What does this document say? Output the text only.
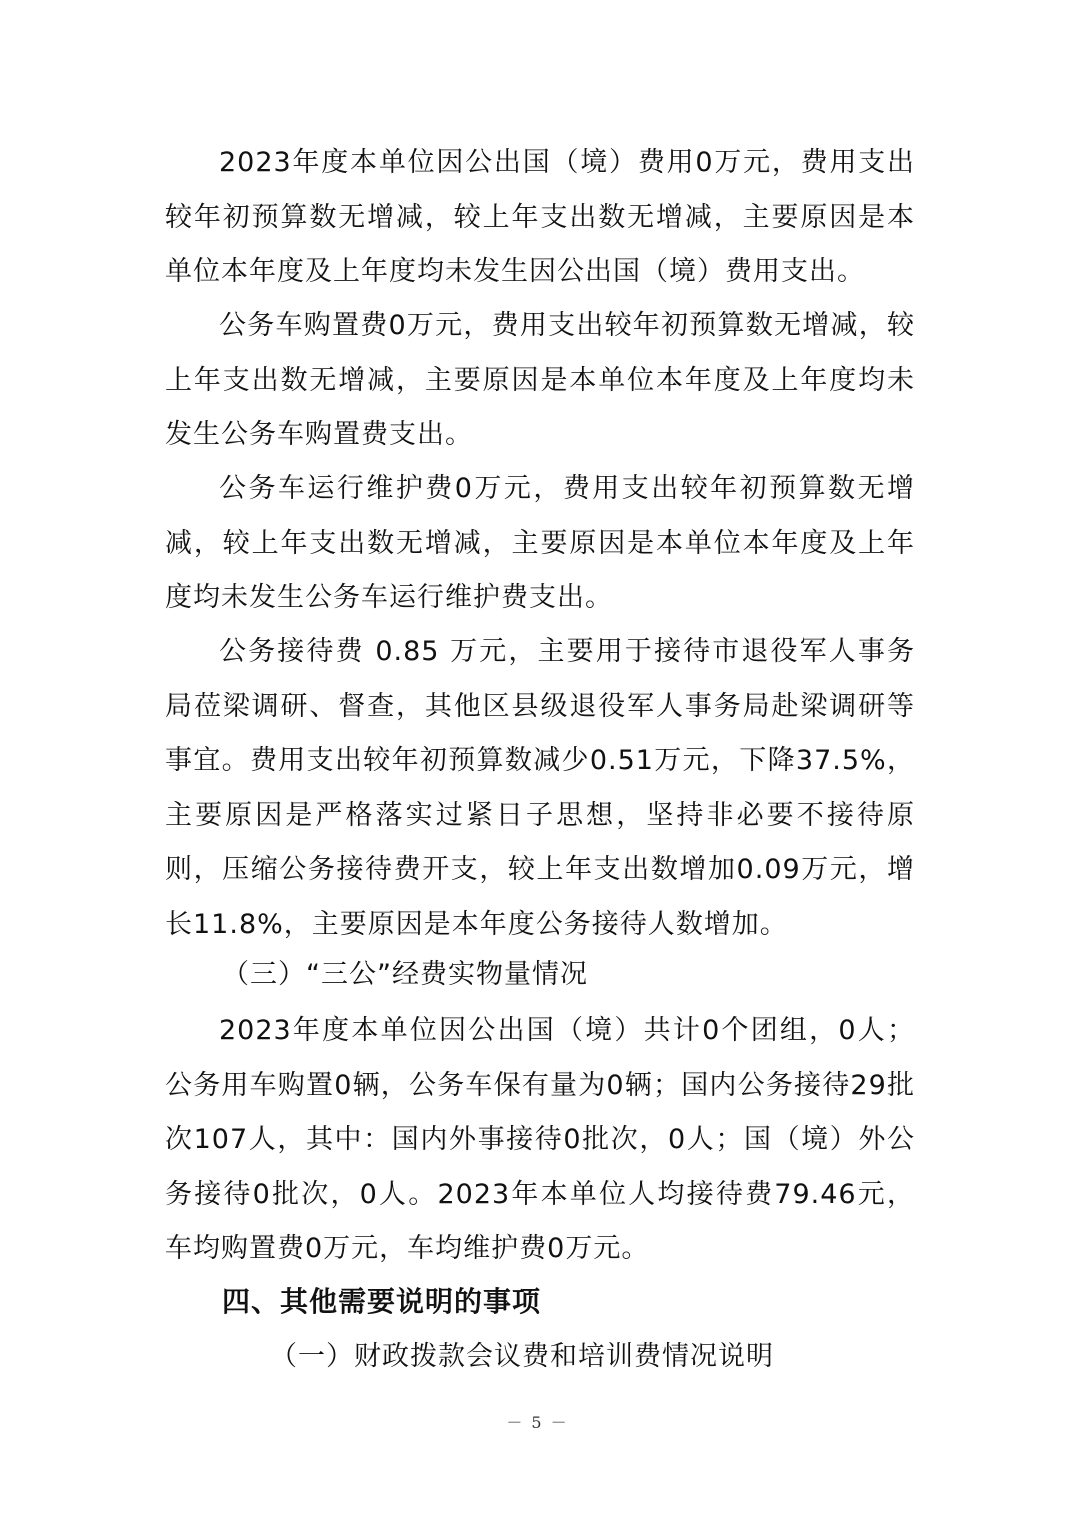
2023年度本单位因公出国（境）费用0万元，费用支出较年初预算数无增减，较上年支出数无增减，主要原因是本单位本年度及上年度均未发生因公出国（境）费用支出。

公务车购置费0万元，费用支出较年初预算数无增减，较上年支出数无增减，主要原因是本单位本年度及上年度均未发生公务车购置费支出。

公务车运行维护费0万元，费用支出较年初预算数无增减，较上年支出数无增减，主要原因是本单位本年度及上年度均未发生公务车运行维护费支出。

公务接待费 0.85 万元，主要用于接待市退役军人事务局莅梁调研、督查，其他区县级退役军人事务局赴梁调研等事宜。费用支出较年初预算数减少0.51万元，下降37.5%，主要原因是严格落实过紧日子思想，坚持非必要不接待原则，压缩公务接待费开支，较上年支出数增加0.09万元，增长11.8%，主要原因是本年度公务接待人数增加。

（三）“三公”经费实物量情况

2023年度本单位因公出国（境）共计0个团组，0人；公务用车购置0辆，公务车保有量为0辆；国内公务接待29批次107人，其中：国内外事接待0批次，0人；国（境）外公务接待0批次，0人。2023年本单位人均接待费79.46元，车均购置费0万元，车均维护费0万元。

四、其他需要说明的事项

（一）财政拨款会议费和培训费情况说明

－ 5 －
